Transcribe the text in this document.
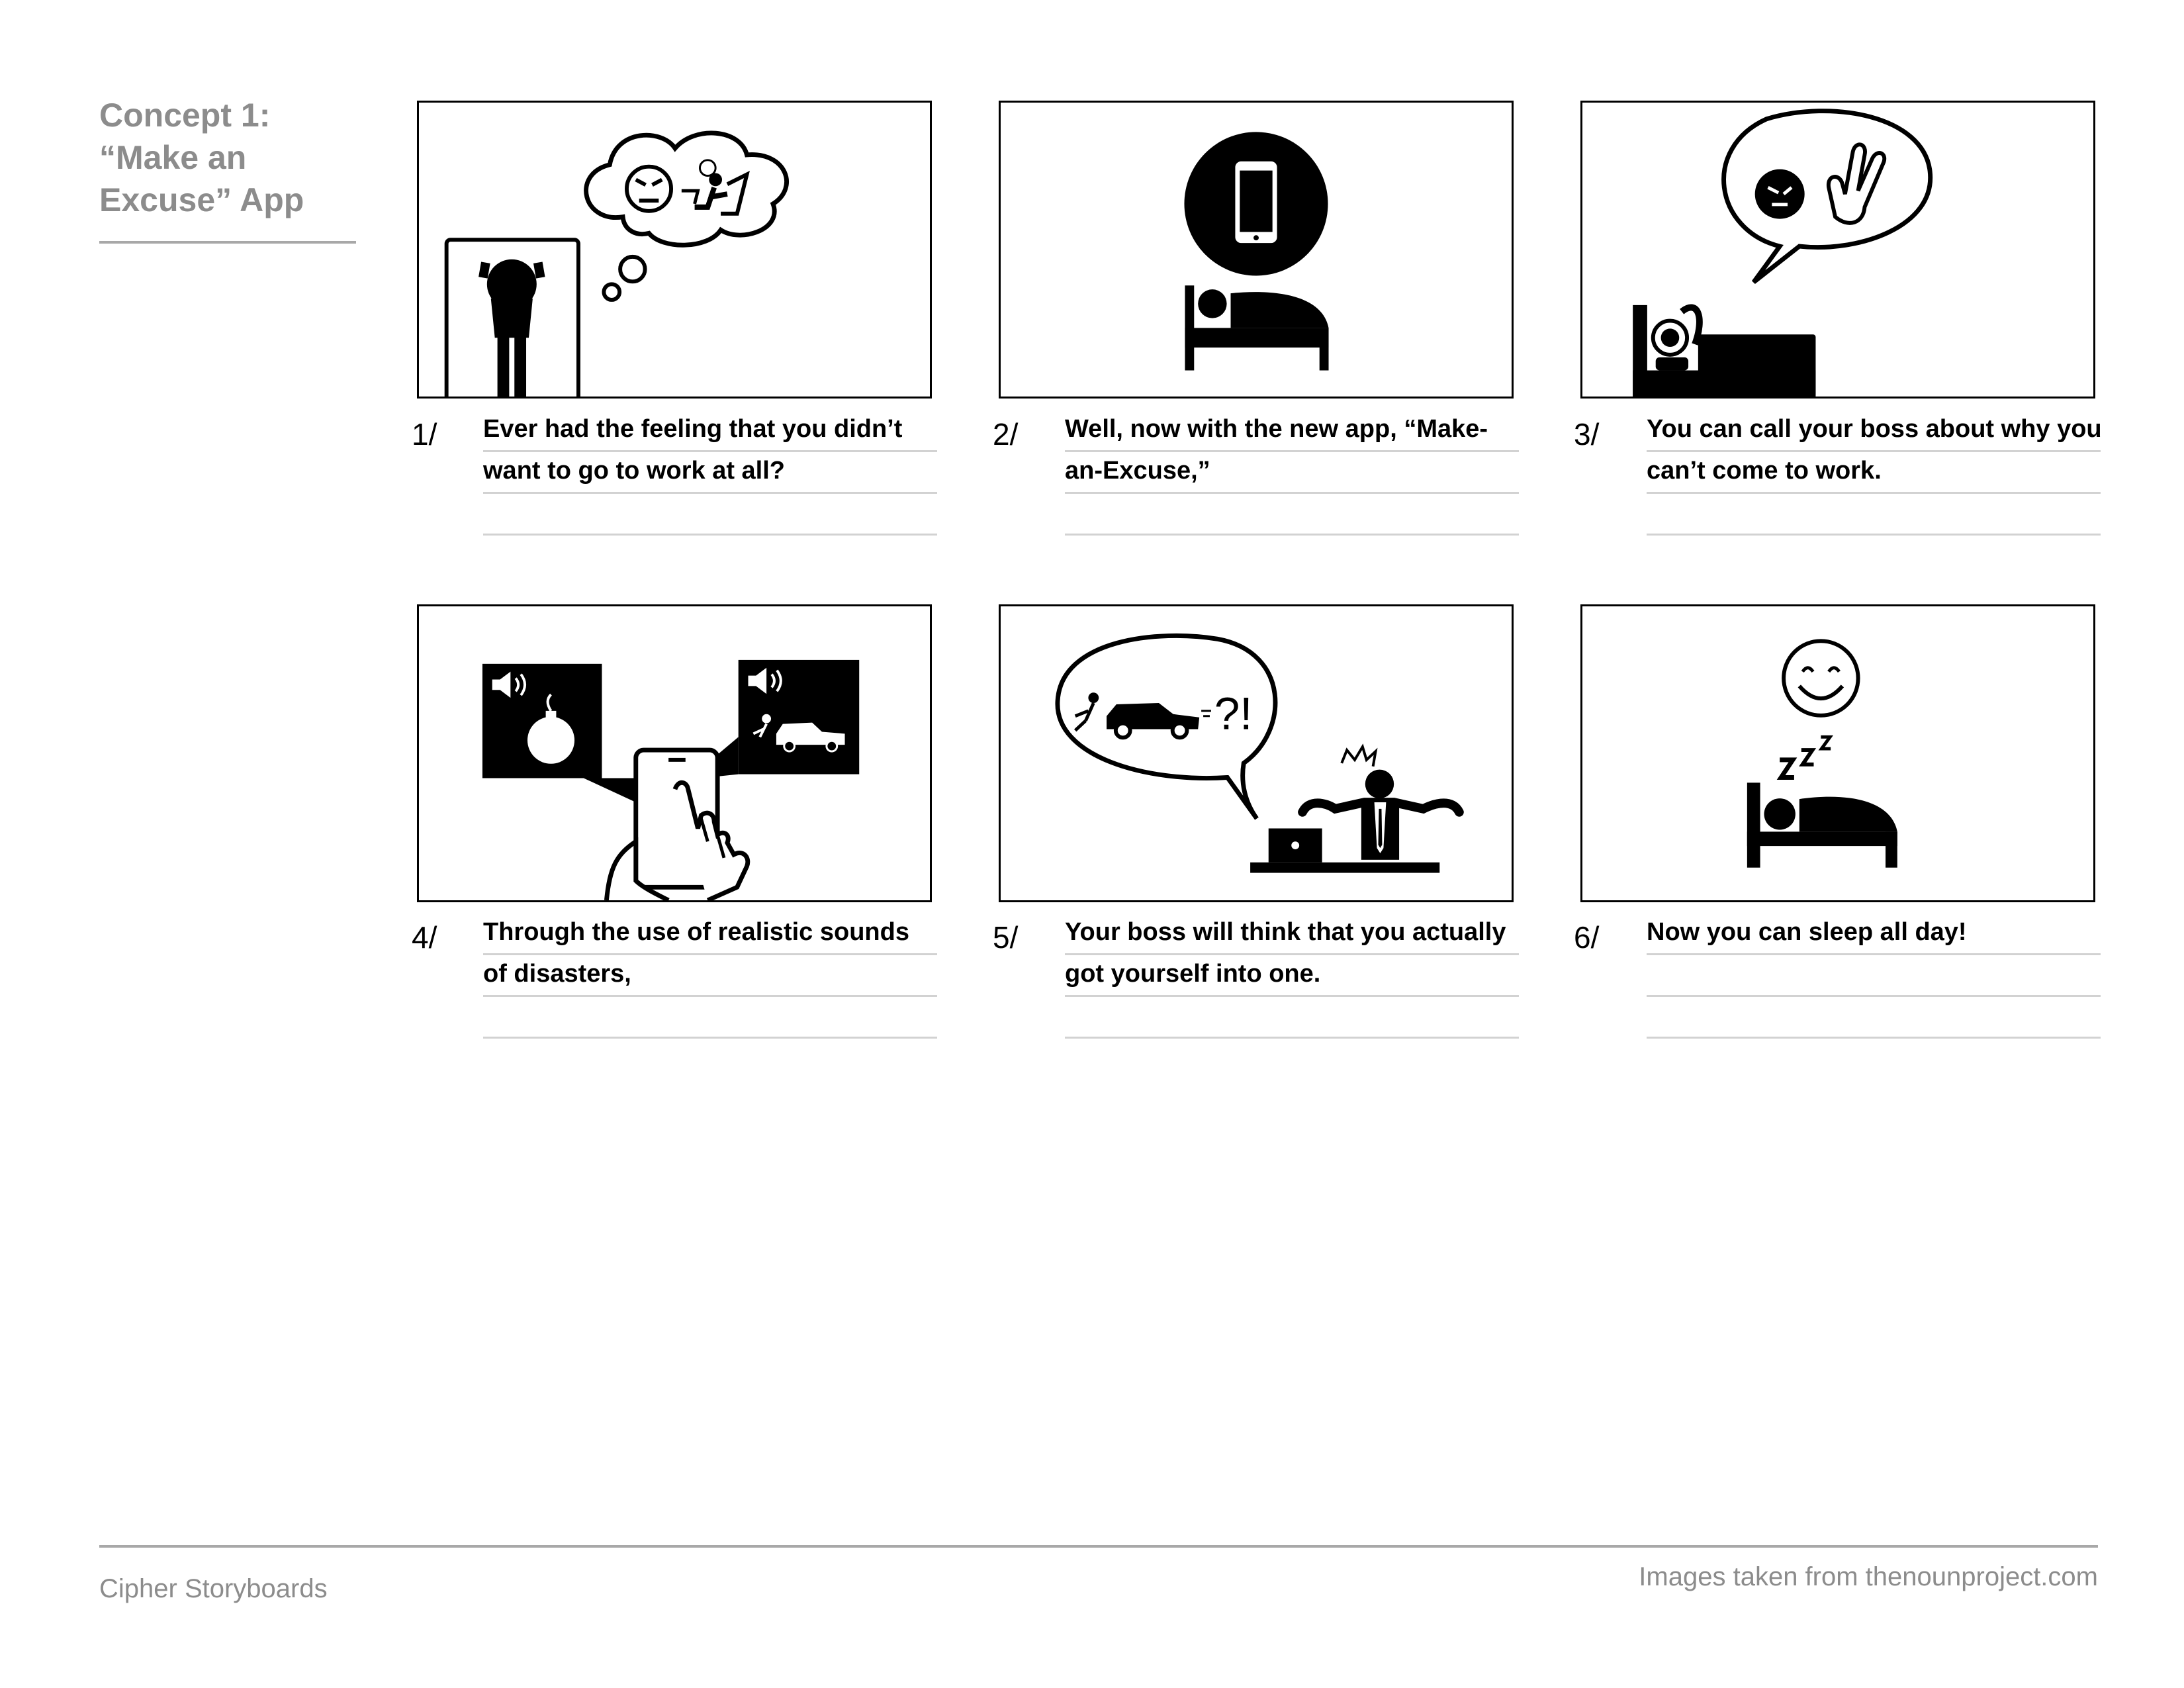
Concept 1:
“Make an
Excuse” App
1/ Ever had the feeling that you didn’t
want to go to work at all?
2/ Well, now with the new app, “Make-
an-Excuse,”
3/ You can call your boss about why you
can’t come to work.
4/ Through the use of realistic sounds
of disasters,
?!
5/ Your boss will think that you actually
got yourself into one.
6/ Now you can sleep all day!
Cipher Storyboards	Images taken from thenounproject.com
